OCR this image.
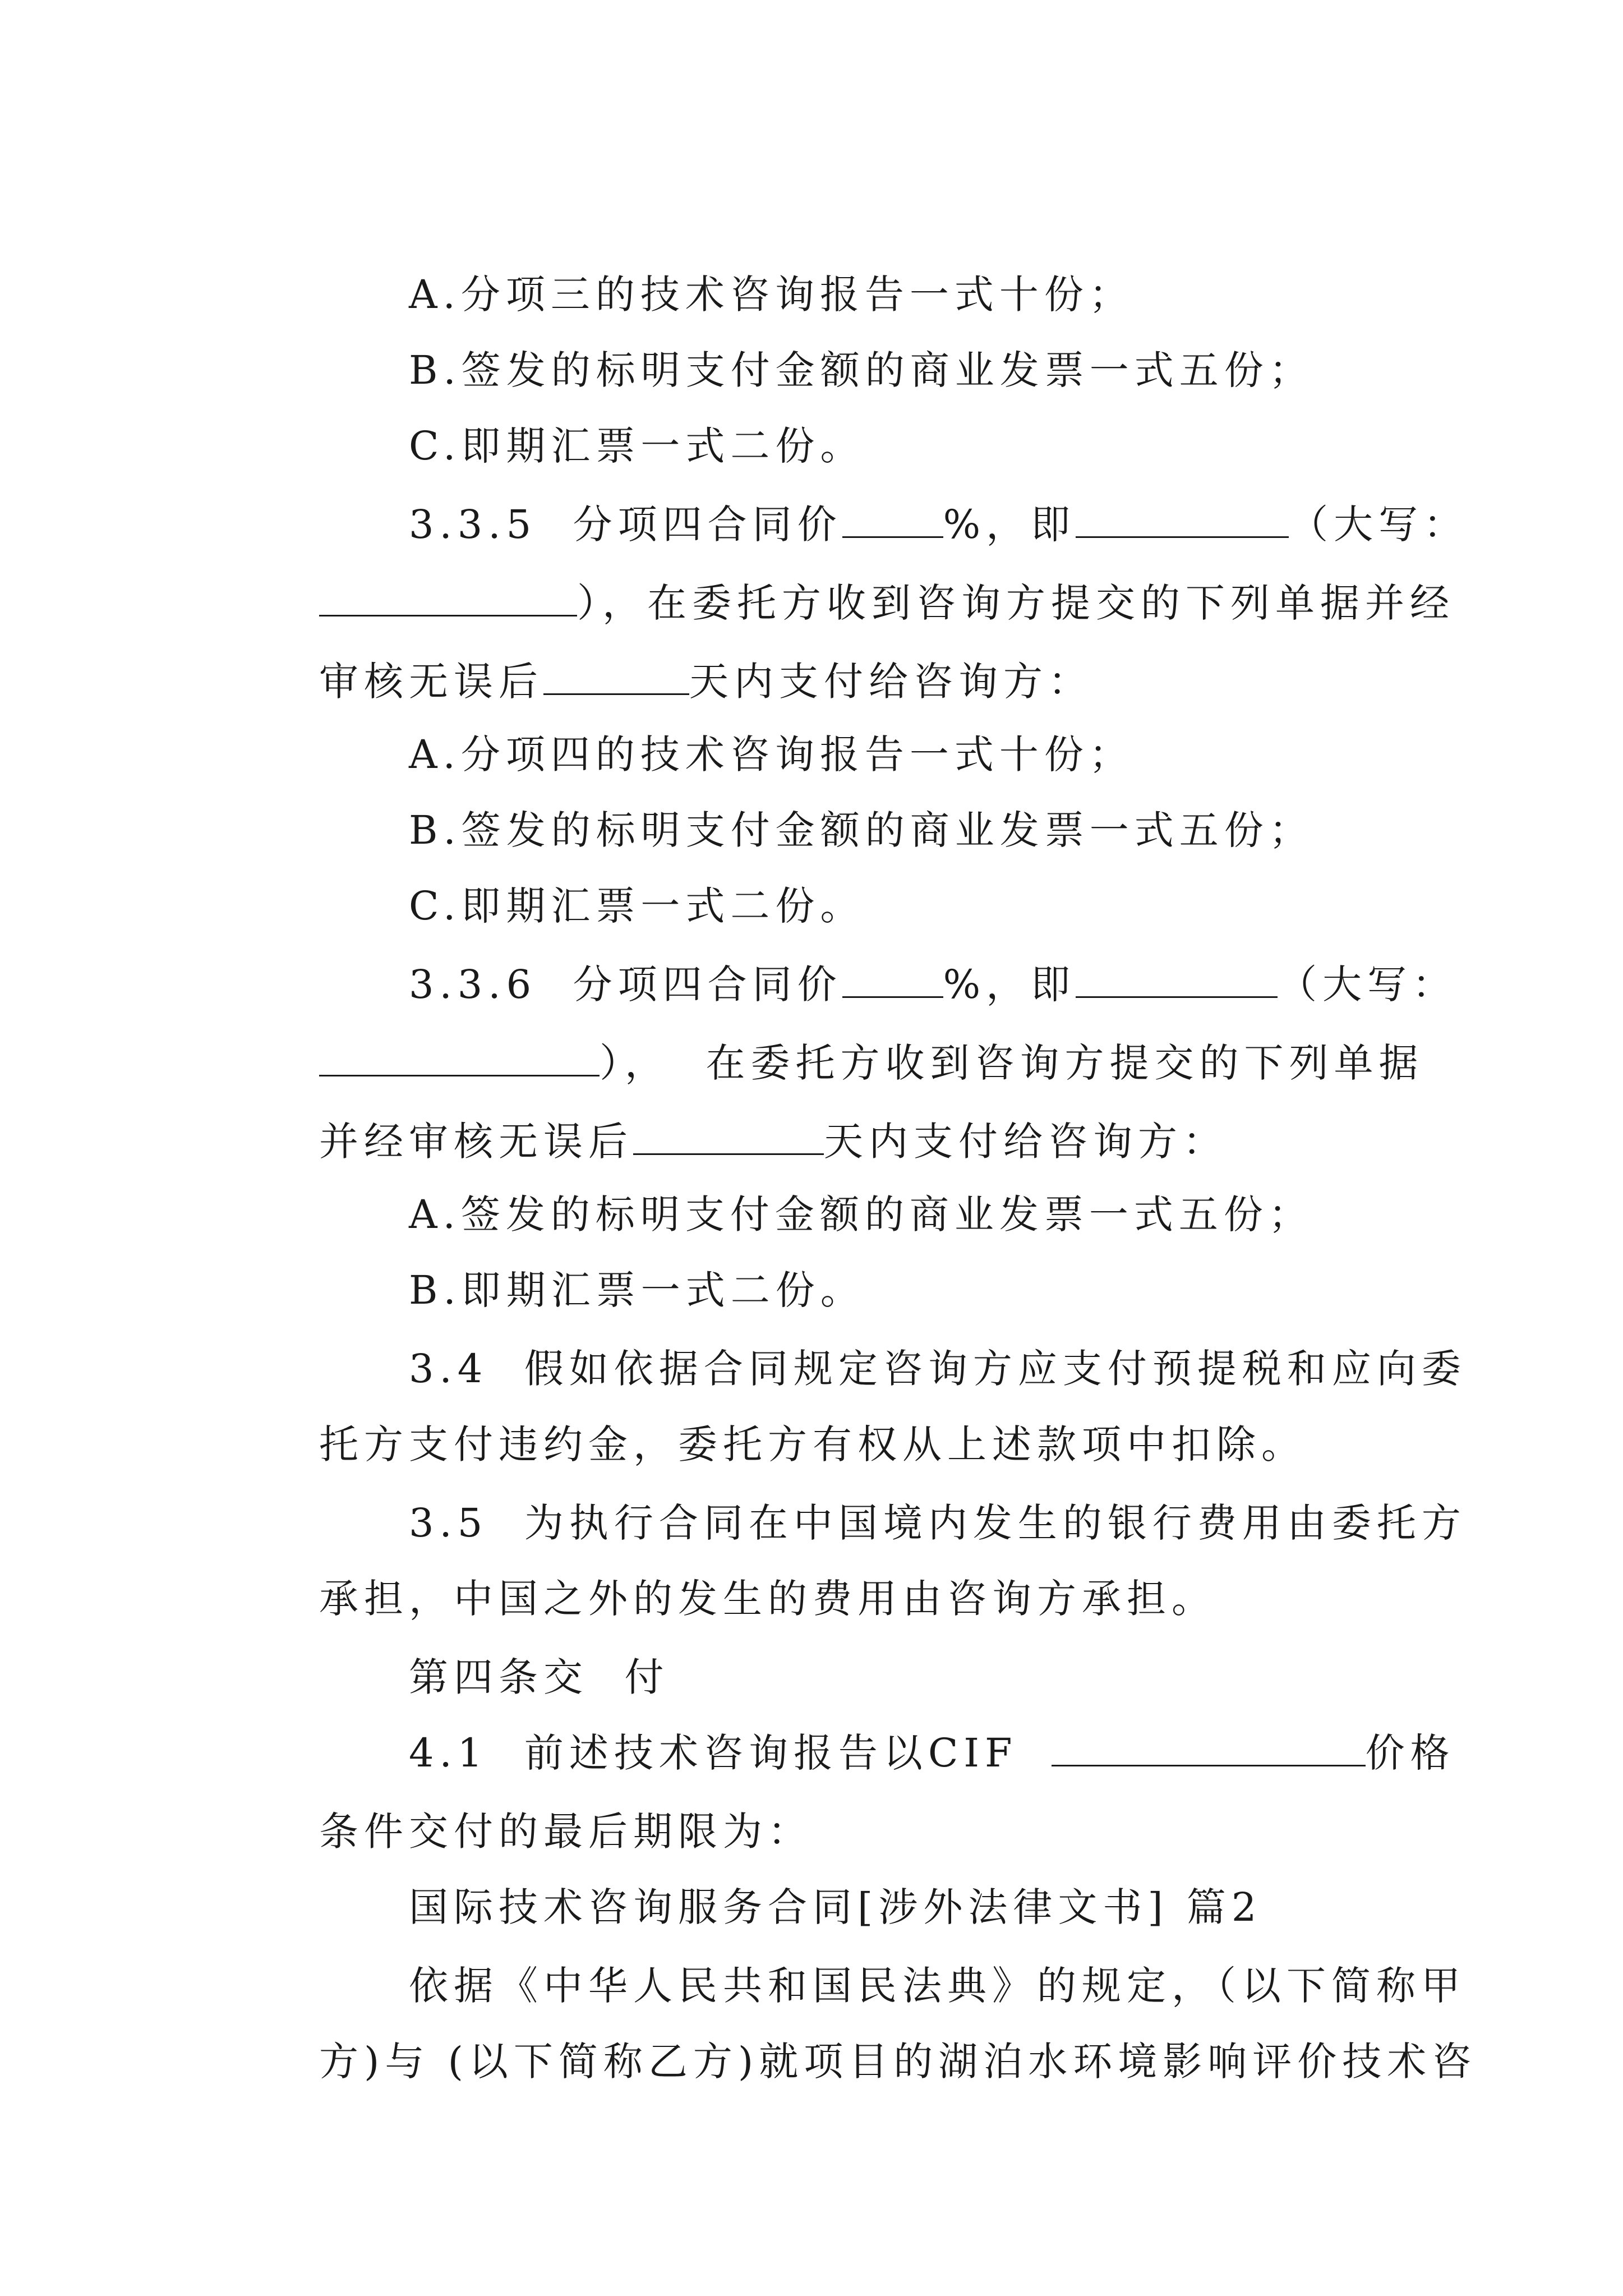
A.分项三的技术咨询报告一式十份；

B.签发的标明支付金额的商业发票一式五份；

C.即期汇票一式二份。

3.3.5  分项四合同价	%，即	（大写：

），在委托方收到咨询方提交的下列单据并经

审核无误后	天内支付给咨询方：

A.分项四的技术咨询报告一式十份；

B.签发的标明支付金额的商业发票一式五份；

C.即期汇票一式二份。

3.3.6  分项四合同价	%，即	（大写：

），  在委托方收到咨询方提交的下列单据

并经审核无误后	天内支付给咨询方：

A.签发的标明支付金额的商业发票一式五份；

B.即期汇票一式二份。

3.4  假如依据合同规定咨询方应支付预提税和应向委

托方支付违约金，委托方有权从上述款项中扣除。

3.5  为执行合同在中国境内发生的银行费用由委托方

承担，中国之外的发生的费用由咨询方承担。

第四条交  付

4.1  前述技术咨询报告以CIF	价格

条件交付的最后期限为：

国际技术咨询服务合同[涉外法律文书] 篇2

依据《中华人民共和国民法典》的规定，（以下简称甲

方)与 (以下简称乙方)就项目的湖泊水环境影响评价技术咨
